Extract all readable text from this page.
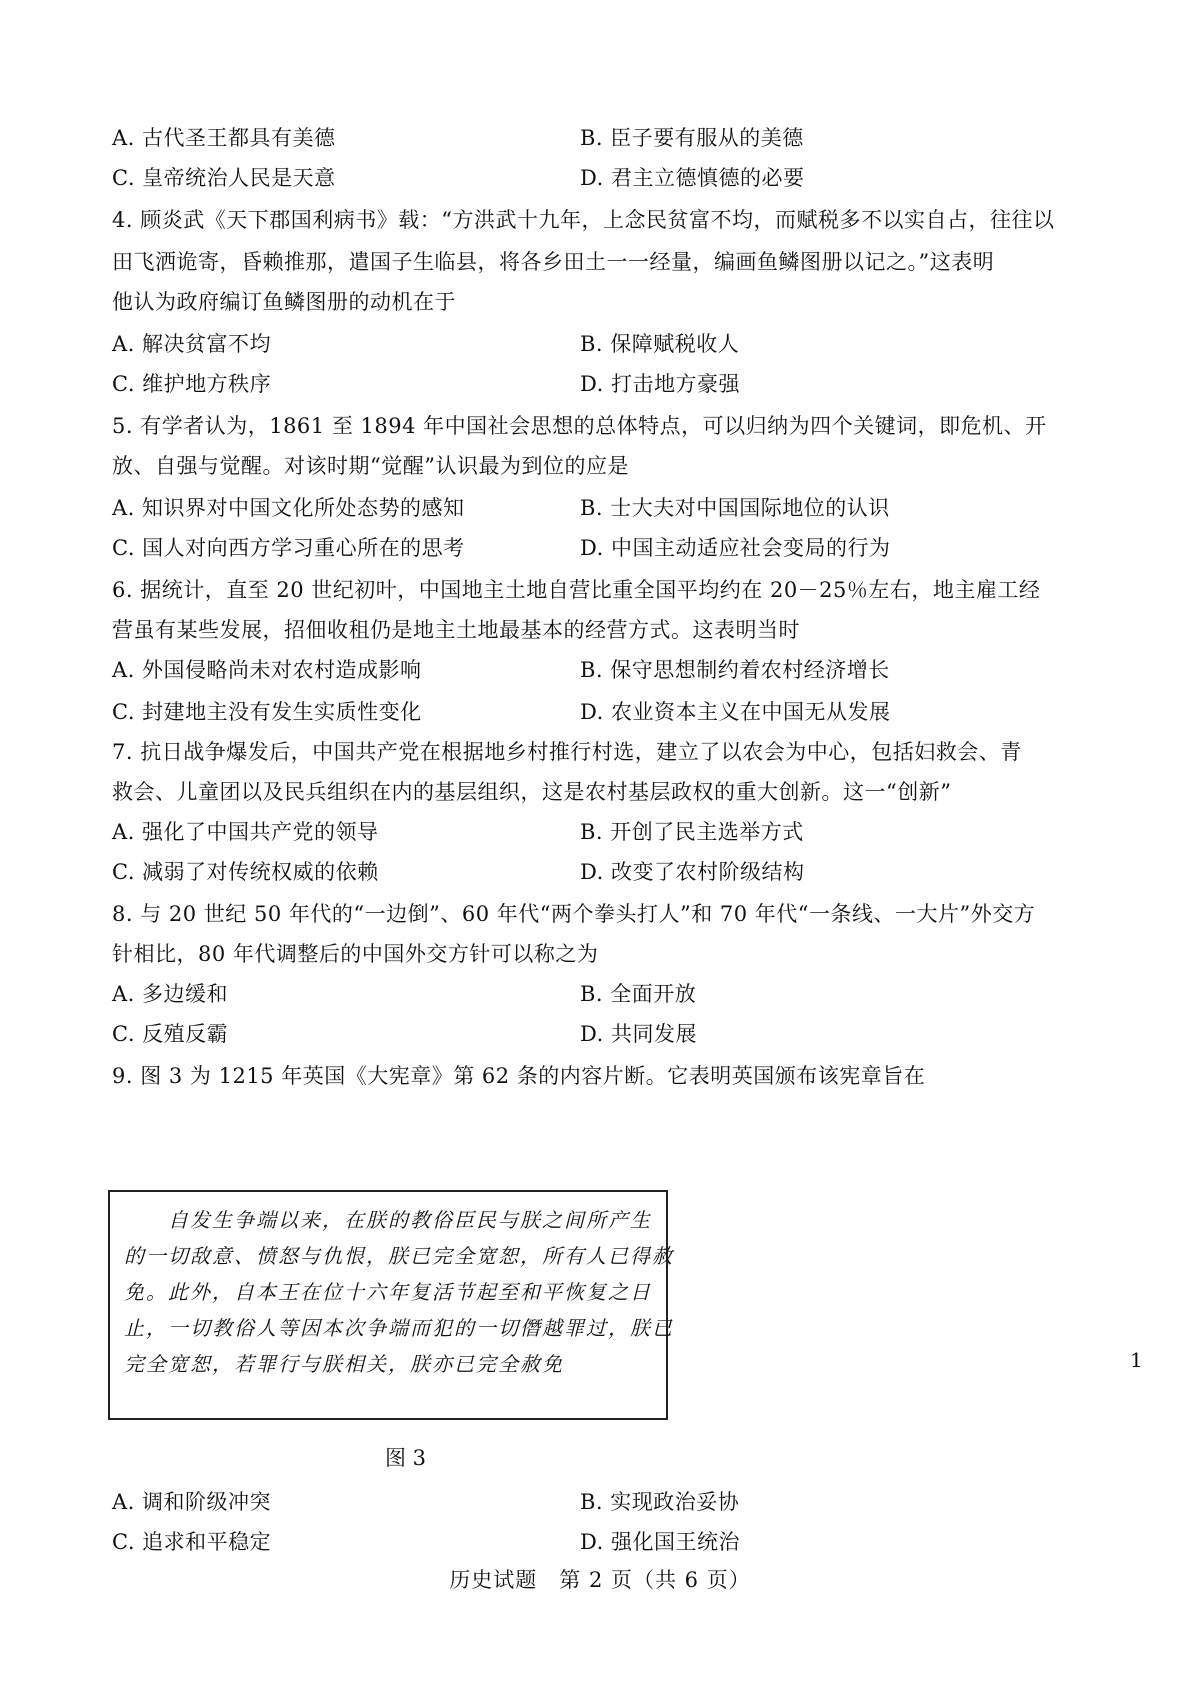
A. 古代圣王都具有美德	B. 臣子要有服从的美德
C. 皇帝统治人民是天意	D. 君主立德慎德的必要
4. 顾炎武《天下郡国利病书》载：“方洪武十九年，上念民贫富不均，而赋税多不以实自占，往往以
田飞洒诡寄，昏赖推那，遣国子生临县，将各乡田土一一经量，编画鱼鳞图册以记之。”这表明
他认为政府编订鱼鳞图册的动机在于
A. 解决贫富不均	B. 保障赋税收人
C. 维护地方秩序	D. 打击地方豪强
5. 有学者认为，1861 至 1894 年中国社会思想的总体特点，可以归纳为四个关键词，即危机、开
放、自强与觉醒。对该时期“觉醒”认识最为到位的应是
A. 知识界对中国文化所处态势的感知	B. 士大夫对中国国际地位的认识
C. 国人对向西方学习重心所在的思考	D. 中国主动适应社会变局的行为
6. 据统计，直至 20 世纪初叶，中国地主土地自营比重全国平均约在 20－25％左右，地主雇工经
营虽有某些发展，招佃收租仍是地主土地最基本的经营方式。这表明当时
A. 外国侵略尚未对农村造成影响	B. 保守思想制约着农村经济增长
C. 封建地主没有发生实质性变化	D. 农业资本主义在中国无从发展
7. 抗日战争爆发后，中国共产党在根据地乡村推行村选，建立了以农会为中心，包括妇救会、青
救会、儿童团以及民兵组织在内的基层组织，这是农村基层政权的重大创新。这一“创新”
A. 强化了中国共产党的领导	B. 开创了民主选举方式
C. 减弱了对传统权威的依赖	D. 改变了农村阶级结构
8. 与 20 世纪 50 年代的“一边倒”、60 年代“两个拳头打人”和 70 年代“一条线、一大片”外交方
针相比，80 年代调整后的中国外交方针可以称之为
A. 多边缓和	B. 全面开放
C. 反殖反霸	D. 共同发展
9. 图 3 为 1215 年英国《大宪章》第 62 条的内容片断。它表明英国颁布该宪章旨在
　　自发生争端以来，在朕的教俗臣民与朕之间所产生
的一切敌意、愤怒与仇恨，朕已完全宽恕，所有人已得赦
免。此外，自本王在位十六年复活节起至和平恢复之日
止，一切教俗人等因本次争端而犯的一切僭越罪过，朕已
完全宽恕，若罪行与朕相关，朕亦已完全赦免
图 3
A. 调和阶级冲突	B. 实现政治妥协
C. 追求和平稳定	D. 强化国王统治
1
历史试题　第 2 页（共 6 页）
